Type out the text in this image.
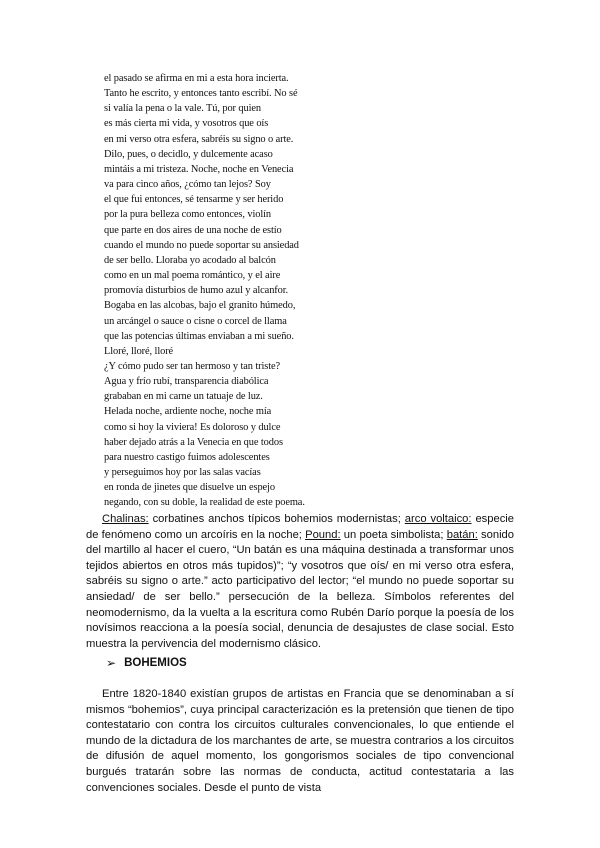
el pasado se afirma en mi a esta hora incierta.
Tanto he escrito, y entonces tanto escribí. No sé
si valía la pena o la vale. Tú, por quien
es más cierta mi vida, y vosotros que oís
en mi verso otra esfera, sabréis su signo o arte.
Dilo, pues, o decidlo, y dulcemente acaso
mintáis a mi tristeza. Noche, noche en Venecia
va para cinco años, ¿cómo tan lejos? Soy
el que fui entonces, sé tensarme y ser herido
por la pura belleza como entonces, violín
que parte en dos aires de una noche de estío
cuando el mundo no puede soportar su ansiedad
de ser bello. Lloraba yo acodado al balcón
como en un mal poema romántico, y el aire
promovía disturbios de humo azul y alcanfor.
Bogaba en las alcobas, bajo el granito húmedo,
un arcángel o sauce o cisne o corcel de llama
que las potencias últimas enviaban a mi sueño.
Lloré, lloré, lloré
¿Y cómo pudo ser tan hermoso y tan triste?
Agua y frío rubí, transparencia diabólica
grababan en mi carne un tatuaje de luz.
Helada noche, ardiente noche, noche mía
como si hoy la viviera! Es doloroso y dulce
haber dejado atrás a la Venecia en que todos
para nuestro castigo fuimos adolescentes
y perseguimos hoy por las salas vacías
en ronda de jinetes que disuelve un espejo
negando, con su doble, la realidad de este poema.

Chalinas: corbatines anchos típicos bohemios modernistas; arco voltaico: especie de fenómeno como un arcoíris en la noche; Pound: un poeta simbolista; batán: sonido del martillo al hacer el cuero, “Un batán es una máquina destinada a transformar unos tejidos abiertos en otros más tupidos)”; “y vosotros que oís/ en mi verso otra esfera, sabréis su signo o arte.” acto participativo del lector; “el mundo no puede soportar su ansiedad/ de ser bello.” persecución de la belleza. Símbolos referentes del neomodernismo, da la vuelta a la escritura como Rubén Darío porque la poesía de los novísimos reacciona a la poesía social, denuncia de desajustes de clase social. Esto muestra la pervivencia del modernismo clásico.

➢ BOHEMIOS

Entre 1820-1840 existían grupos de artistas en Francia que se denominaban a sí mismos “bohemios”, cuya principal caracterización es la pretensión que tienen de tipo contestatario con contra los circuitos culturales convencionales, lo que entiende el mundo de la dictadura de los marchantes de arte, se muestra contrarios a los circuitos de difusión de aquel momento, los gongorismos sociales de tipo convencional burgués tratarán sobre las normas de conducta, actitud contestataria a las convenciones sociales. Desde el punto de vista
